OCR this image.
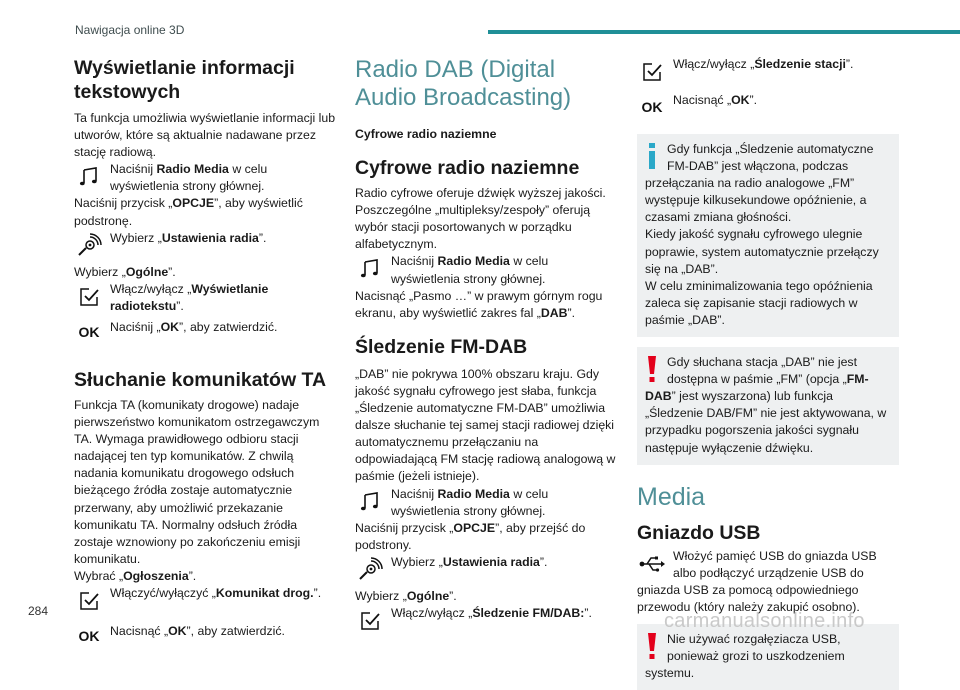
Nawigacja online 3D
Wyświetlanie informacji tekstowych

Ta funkcja umożliwia wyświetlanie informacji lub utworów, które są aktualnie nadawane przez stację radiową.

Naciśnij Radio Media w celu wyświetlenia strony głównej.

Naciśnij przycisk „OPCJE”, aby wyświetlić podstronę.

Wybierz „Ustawienia radia”.

Wybierz „Ogólne”.

Włącz/wyłącz „Wyświetlanie radiotekstu”.

OK Naciśnij „OK”, aby zatwierdzić.

Słuchanie komunikatów TA

Funkcja TA (komunikaty drogowe) nadaje pierwszeństwo komunikatom ostrzegawczym TA. Wymaga prawidłowego odbioru stacji nadającej ten typ komunikatów. Z chwilą nadania komunikatu drogowego odsłuch bieżącego źródła zostaje automatycznie przerwany, aby umożliwić przekazanie komunikatu TA. Normalny odsłuch źródła zostaje wznowiony po zakończeniu emisji komunikatu.

Wybrać „Ogłoszenia”.

Włączyć/wyłączyć „Komunikat drog.”.

OK Nacisnąć „OK”, aby zatwierdzić.

Radio DAB (Digital Audio Broadcasting)

Cyfrowe radio naziemne

Cyfrowe radio naziemne

Radio cyfrowe oferuje dźwięk wyższej jakości. Poszczególne „multipleksy/zespoły” oferują wybór stacji posortowanych w porządku alfabetycznym.

Naciśnij Radio Media w celu wyświetlenia strony głównej.

Nacisnąć „Pasmo …” w prawym górnym rogu ekranu, aby wyświetlić zakres fal „DAB”.

Śledzenie FM-DAB

„DAB” nie pokrywa 100% obszaru kraju. Gdy jakość sygnału cyfrowego jest słaba, funkcja „Śledzenie automatyczne FM-DAB” umożliwia dalsze słuchanie tej samej stacji radiowej dzięki automatycznemu przełączaniu na odpowiadającą FM stację radiową analogową w paśmie (jeżeli istnieje).

Naciśnij Radio Media w celu wyświetlenia strony głównej.

Naciśnij przycisk „OPCJE”, aby przejść do podstrony.

Wybierz „Ustawienia radia”.

Wybierz „Ogólne”.

Włącz/wyłącz „Śledzenie FM/DAB:”.

Włącz/wyłącz „Śledzenie stacji”.

OK Nacisnąć „OK”.

Gdy funkcja „Śledzenie automatyczne FM-DAB” jest włączona, podczas przełączania na radio analogowe „FM” występuje kilkusekundowe opóźnienie, a czasami zmiana głośności.
Kiedy jakość sygnału cyfrowego ulegnie poprawie, system automatycznie przełączy się na „DAB”.
W celu zminimalizowania tego opóźnienia zaleca się zapisanie stacji radiowych w paśmie „DAB”.

Gdy słuchana stacja „DAB” nie jest dostępna w paśmie „FM” (opcja „FM-DAB” jest wyszarzona) lub funkcja „Śledzenie DAB/FM” nie jest aktywowana, w przypadku pogorszenia jakości sygnału następuje wyłączenie dźwięku.

Media
Gniazdo USB

Włożyć pamięć USB do gniazda USB albo podłączyć urządzenie USB do gniazda USB za pomocą odpowiedniego przewodu (który należy zakupić osobno).

Nie używać rozgałęziacza USB, ponieważ grozi to uszkodzeniem systemu.

284	carmanualsonline.info
